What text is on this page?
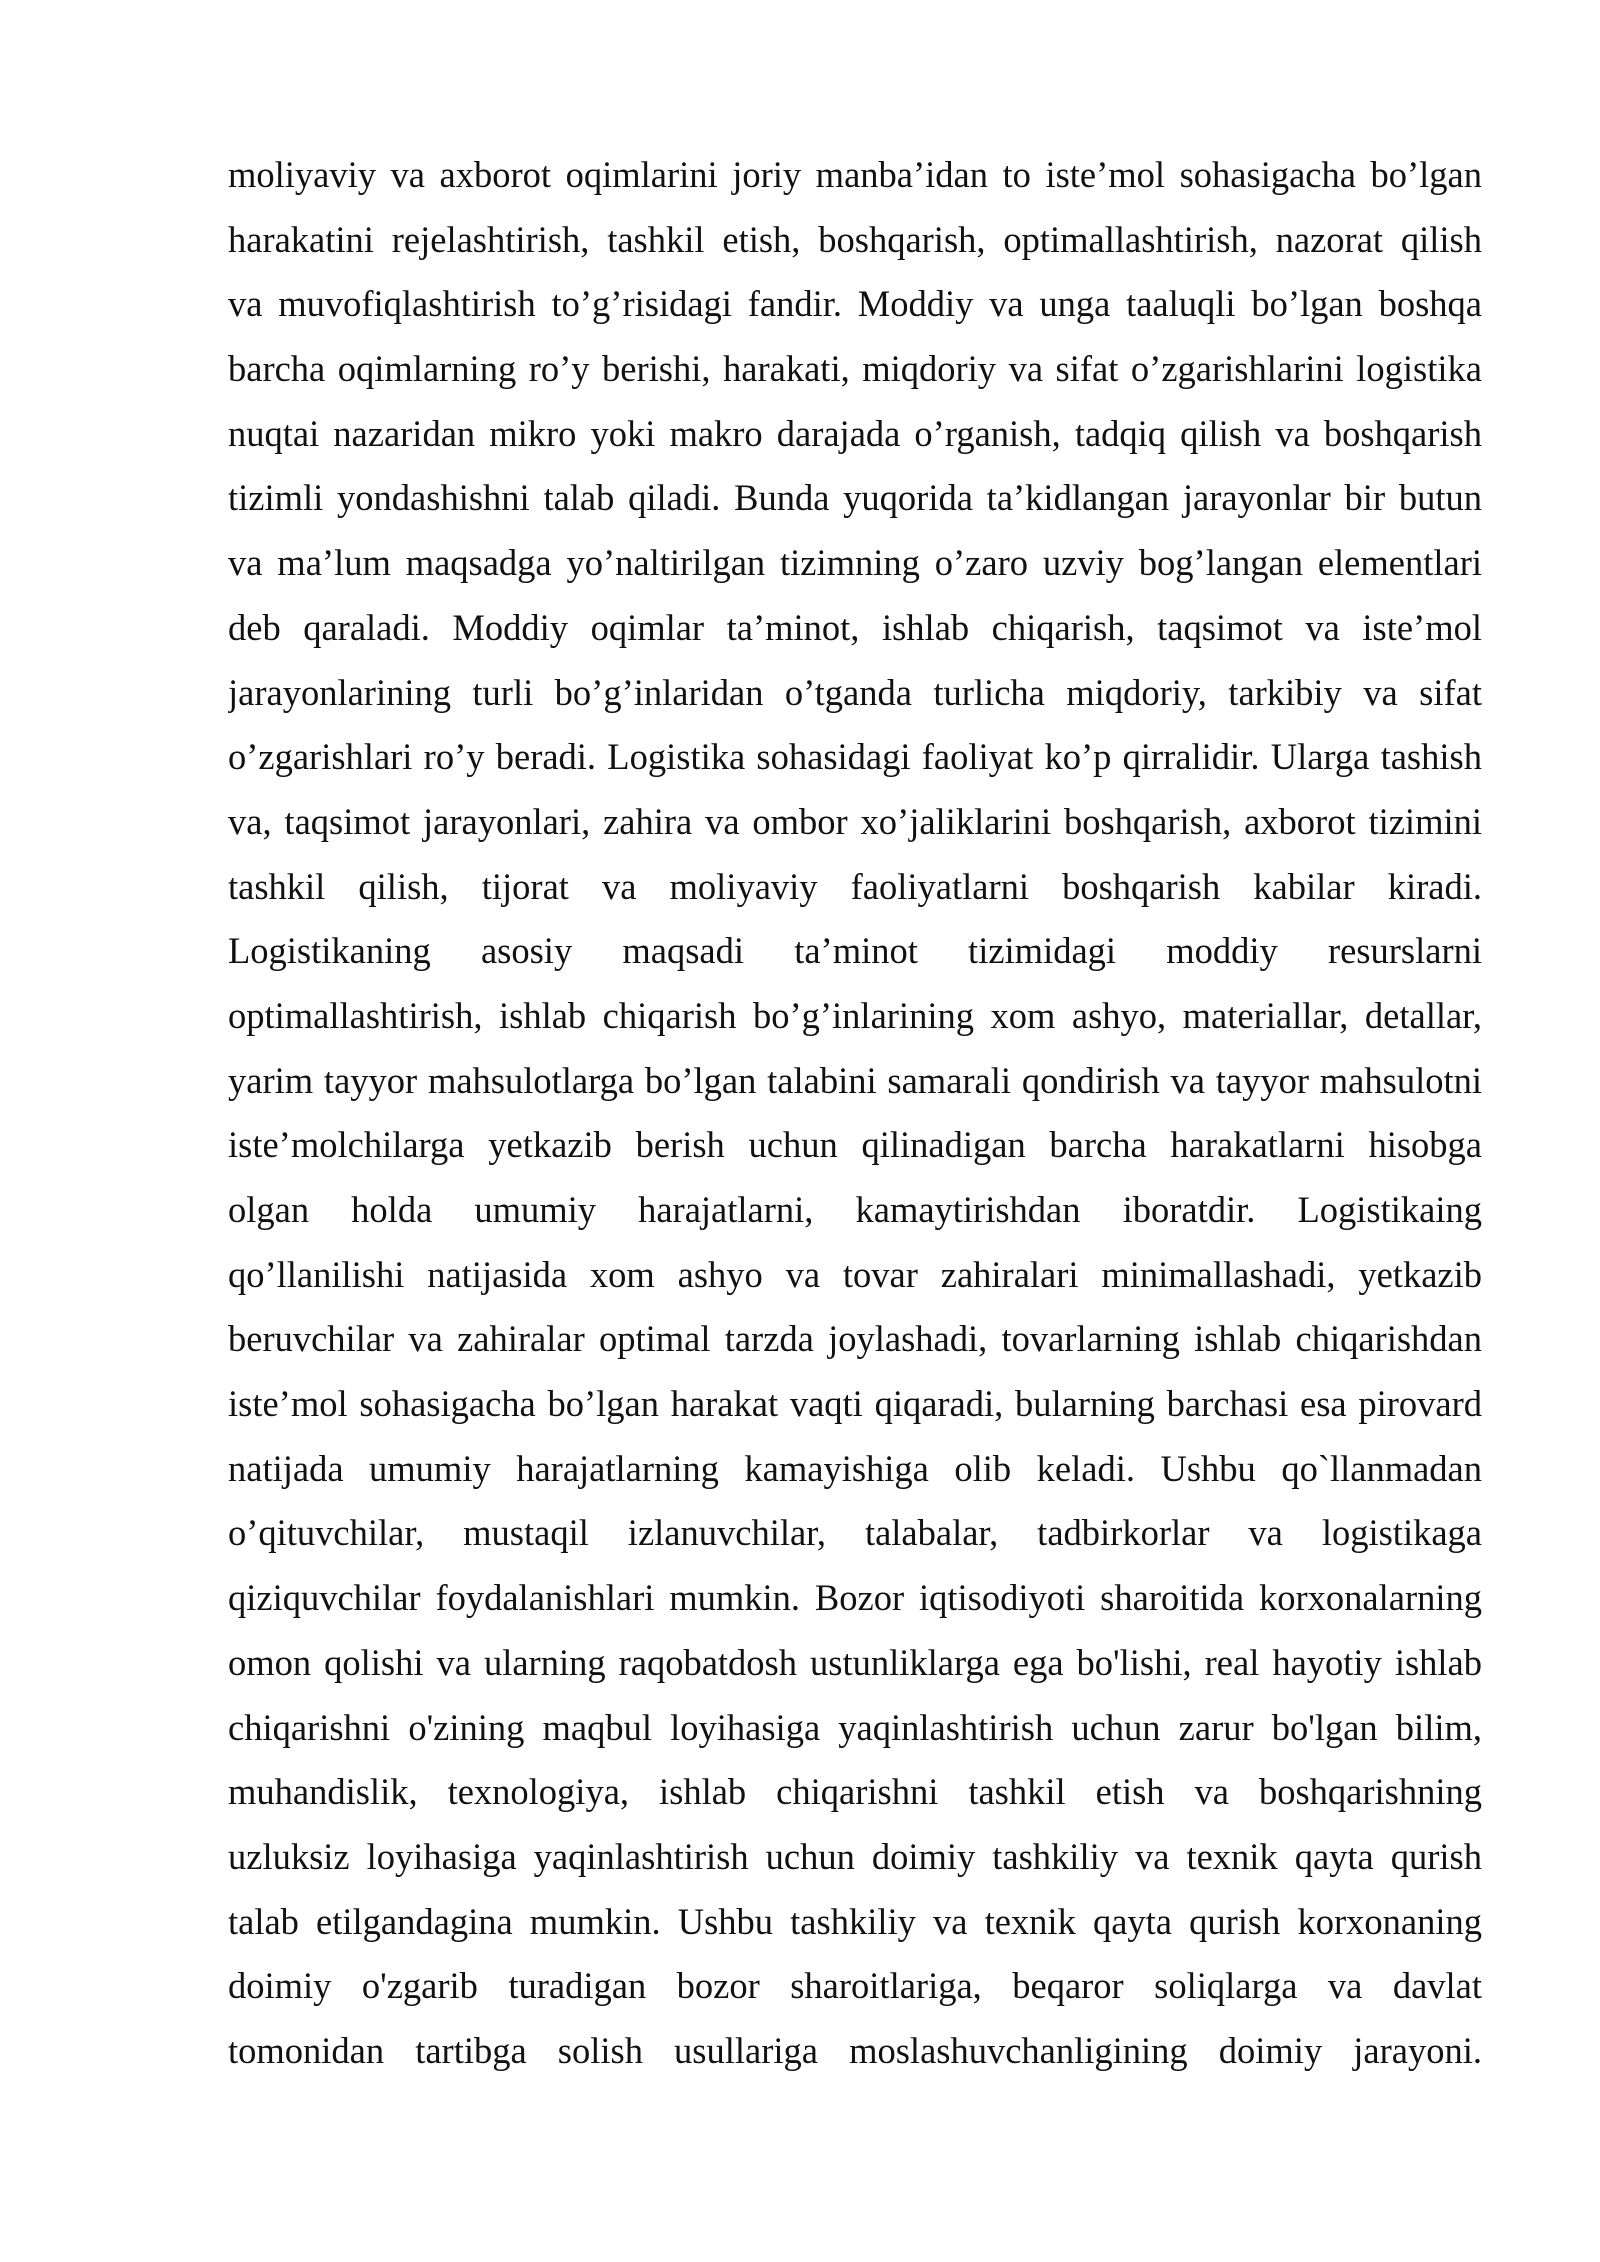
moliyaviy va axborot oqimlarini joriy manba’idan to iste’mol sohasigacha bo’lgan
harakatini rejelashtirish, tashkil etish, boshqarish, optimallashtirish, nazorat qilish
va muvofiqlashtirish to’g’risidagi fandir. Moddiy va unga taaluqli bo’lgan boshqa
barcha oqimlarning ro’y berishi, harakati, miqdoriy va sifat o’zgarishlarini logistika
nuqtai nazaridan mikro yoki makro darajada o’rganish, tadqiq qilish va boshqarish
tizimli yondashishni talab qiladi. Bunda yuqorida ta’kidlangan jarayonlar bir butun
va ma’lum maqsadga yo’naltirilgan tizimning o’zaro uzviy bog’langan elementlari
deb qaraladi. Moddiy oqimlar ta’minot, ishlab chiqarish, taqsimot va iste’mol
jarayonlarining turli bo’g’inlaridan o’tganda turlicha miqdoriy, tarkibiy va sifat
o’zgarishlari ro’y beradi. Logistika sohasidagi faoliyat ko’p qirralidir. Ularga tashish
va, taqsimot jarayonlari, zahira va ombor xo’jaliklarini boshqarish, axborot tizimini
tashkil qilish, tijorat va moliyaviy faoliyatlarni boshqarish kabilar kiradi.
Logistikaning asosiy maqsadi ta’minot tizimidagi moddiy resurslarni
optimallashtirish, ishlab chiqarish bo’g’inlarining xom ashyo, materiallar, detallar,
yarim tayyor mahsulotlarga bo’lgan talabini samarali qondirish va tayyor mahsulotni
iste’molchilarga yetkazib berish uchun qilinadigan barcha harakatlarni hisobga
olgan holda umumiy harajatlarni, kamaytirishdan iboratdir. Logistikaing
qo’llanilishi natijasida xom ashyo va tovar zahiralari minimallashadi, yetkazib
beruvchilar va zahiralar optimal tarzda joylashadi, tovarlarning ishlab chiqarishdan
iste’mol sohasigacha bo’lgan harakat vaqti qiqaradi, bularning barchasi esa pirovard
natijada umumiy harajatlarning kamayishiga olib keladi. Ushbu qo`llanmadan
o’qituvchilar, mustaqil izlanuvchilar, talabalar, tadbirkorlar va logistikaga
qiziquvchilar foydalanishlari mumkin. Bozor iqtisodiyoti sharoitida korxonalarning
omon qolishi va ularning raqobatdosh ustunliklarga ega bo'lishi, real hayotiy ishlab
chiqarishni o'zining maqbul loyihasiga yaqinlashtirish uchun zarur bo'lgan bilim,
muhandislik, texnologiya, ishlab chiqarishni tashkil etish va boshqarishning
uzluksiz loyihasiga yaqinlashtirish uchun doimiy tashkiliy va texnik qayta qurish
talab etilgandagina mumkin. Ushbu tashkiliy va texnik qayta qurish korxonaning
doimiy o'zgarib turadigan bozor sharoitlariga, beqaror soliqlarga va davlat
tomonidan tartibga solish usullariga moslashuvchanligining doimiy jarayoni.
